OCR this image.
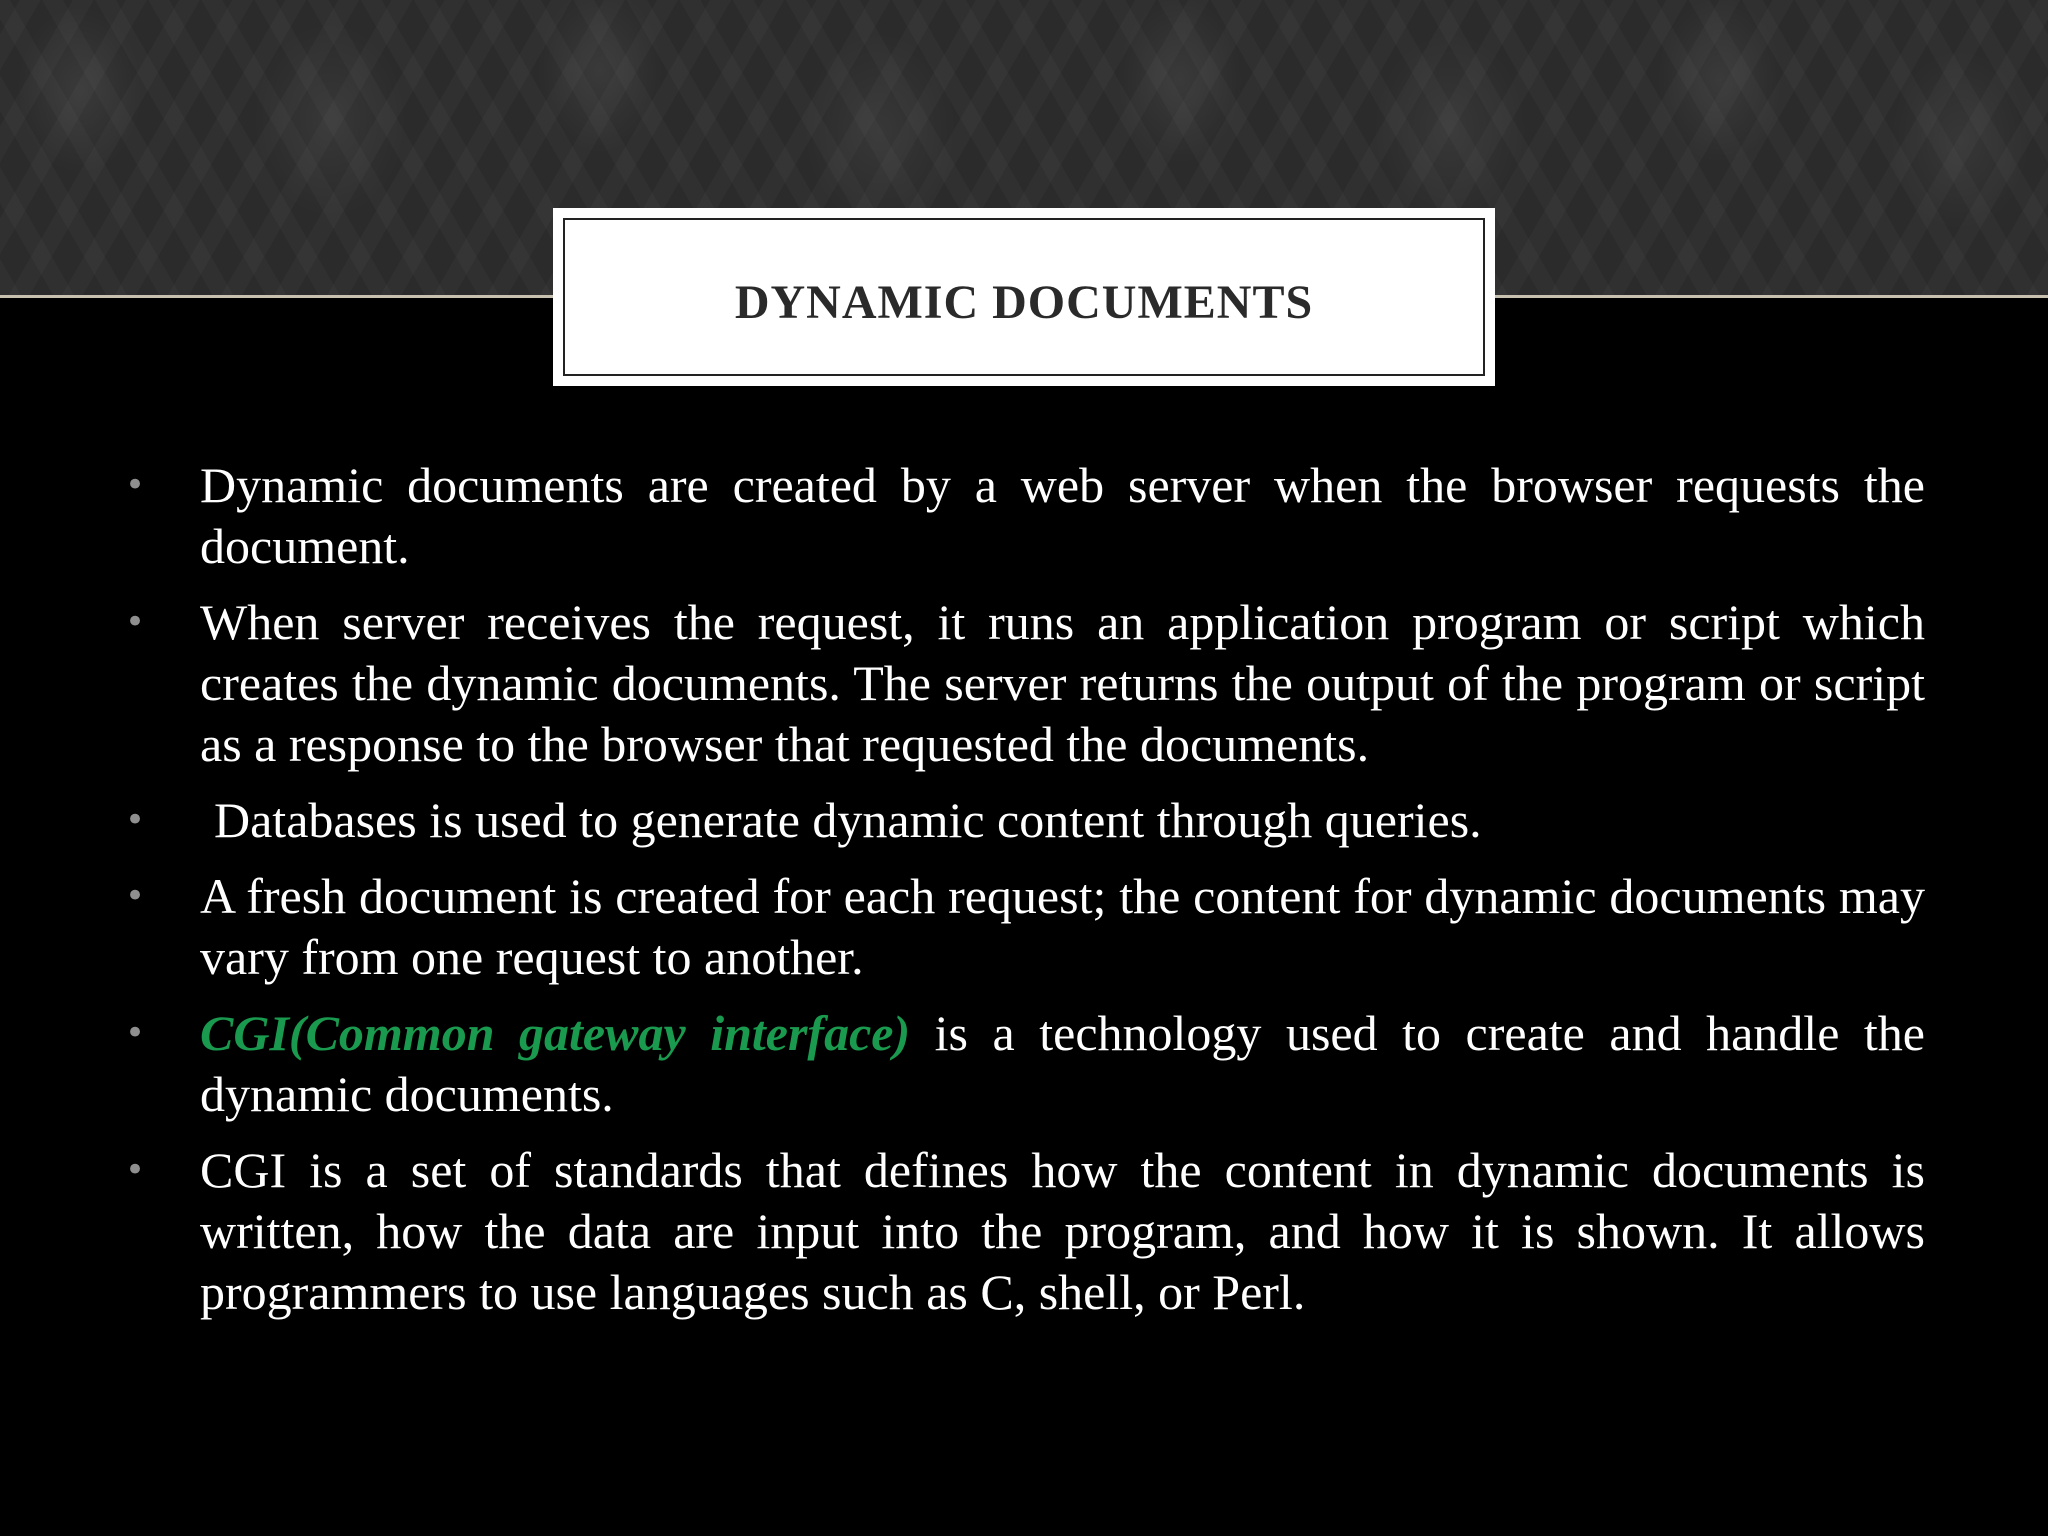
DYNAMIC DOCUMENTS
• Dynamic documents are created by a web server when the browser requests the document.
• When server receives the request, it runs an application program or script which creates the dynamic documents. The server returns the output of the program or script as a response to the browser that requested the documents.
• Databases is used to generate dynamic content through queries.
• A fresh document is created for each request; the content for dynamic documents may vary from one request to another.
• CGI(Common gateway interface) is a technology used to create and handle the dynamic documents.
• CGI is a set of standards that defines how the content in dynamic documents is written, how the data are input into the program, and how it is shown. It allows programmers to use languages such as C, shell, or Perl.
